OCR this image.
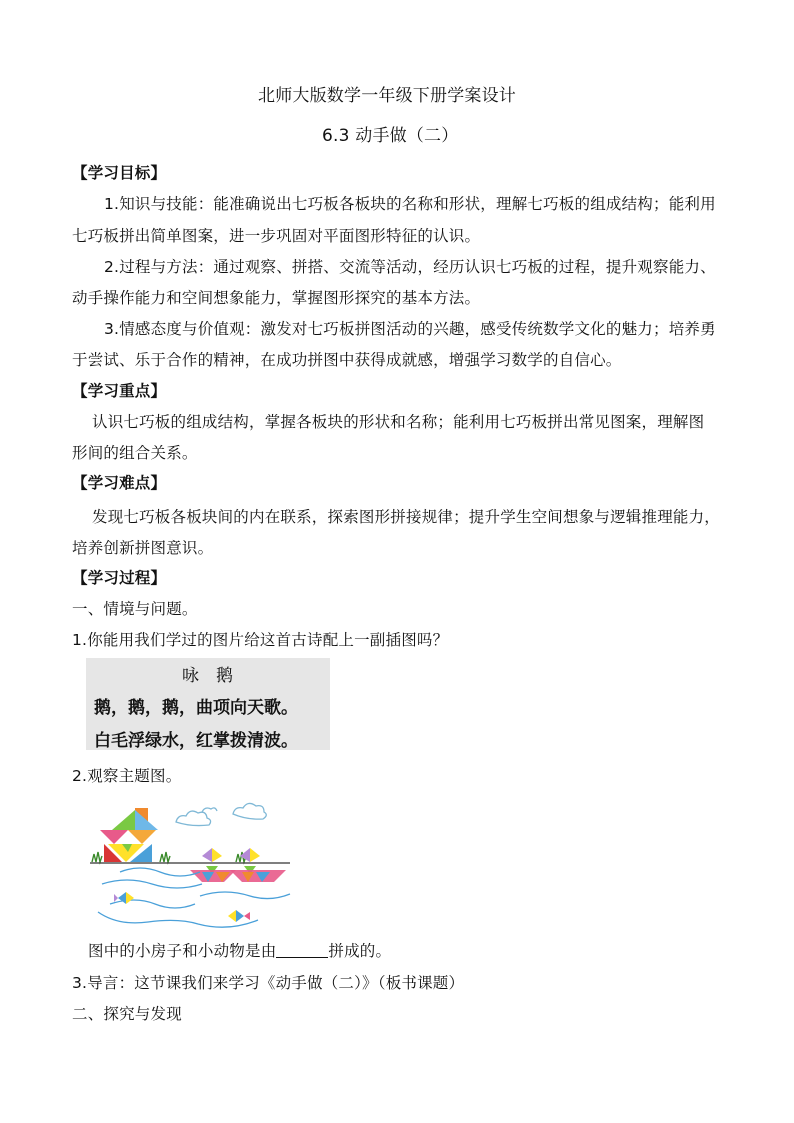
北师大版数学一年级下册学案设计
6.3 动手做（二）
【学习目标】
1.知识与技能：能准确说出七巧板各板块的名称和形状，理解七巧板的组成结构；能利用
七巧板拼出简单图案，进一步巩固对平面图形特征的认识。
2.过程与方法：通过观察、拼搭、交流等活动，经历认识七巧板的过程，提升观察能力、
动手操作能力和空间想象能力，掌握图形探究的基本方法。
3.情感态度与价值观：激发对七巧板拼图活动的兴趣，感受传统数学文化的魅力；培养勇
于尝试、乐于合作的精神，在成功拼图中获得成就感，增强学习数学的自信心。
【学习重点】
认识七巧板的组成结构，掌握各板块的形状和名称；能利用七巧板拼出常见图案，理解图
形间的组合关系。
【学习难点】
发现七巧板各板块间的内在联系，探索图形拼接规律；提升学生空间想象与逻辑推理能力，
培养创新拼图意识。
【学习过程】
一、情境与问题。
1.你能用我们学过的图片给这首古诗配上一副插图吗？
咏　鹅
鹅，鹅，鹅，曲项向天歌。
白毛浮绿水，红掌拨清波。
2.观察主题图。
图中的小房子和小动物是由	拼成的。
3.导言：这节课我们来学习《动手做（二）》（板书课题）
二、探究与发现
